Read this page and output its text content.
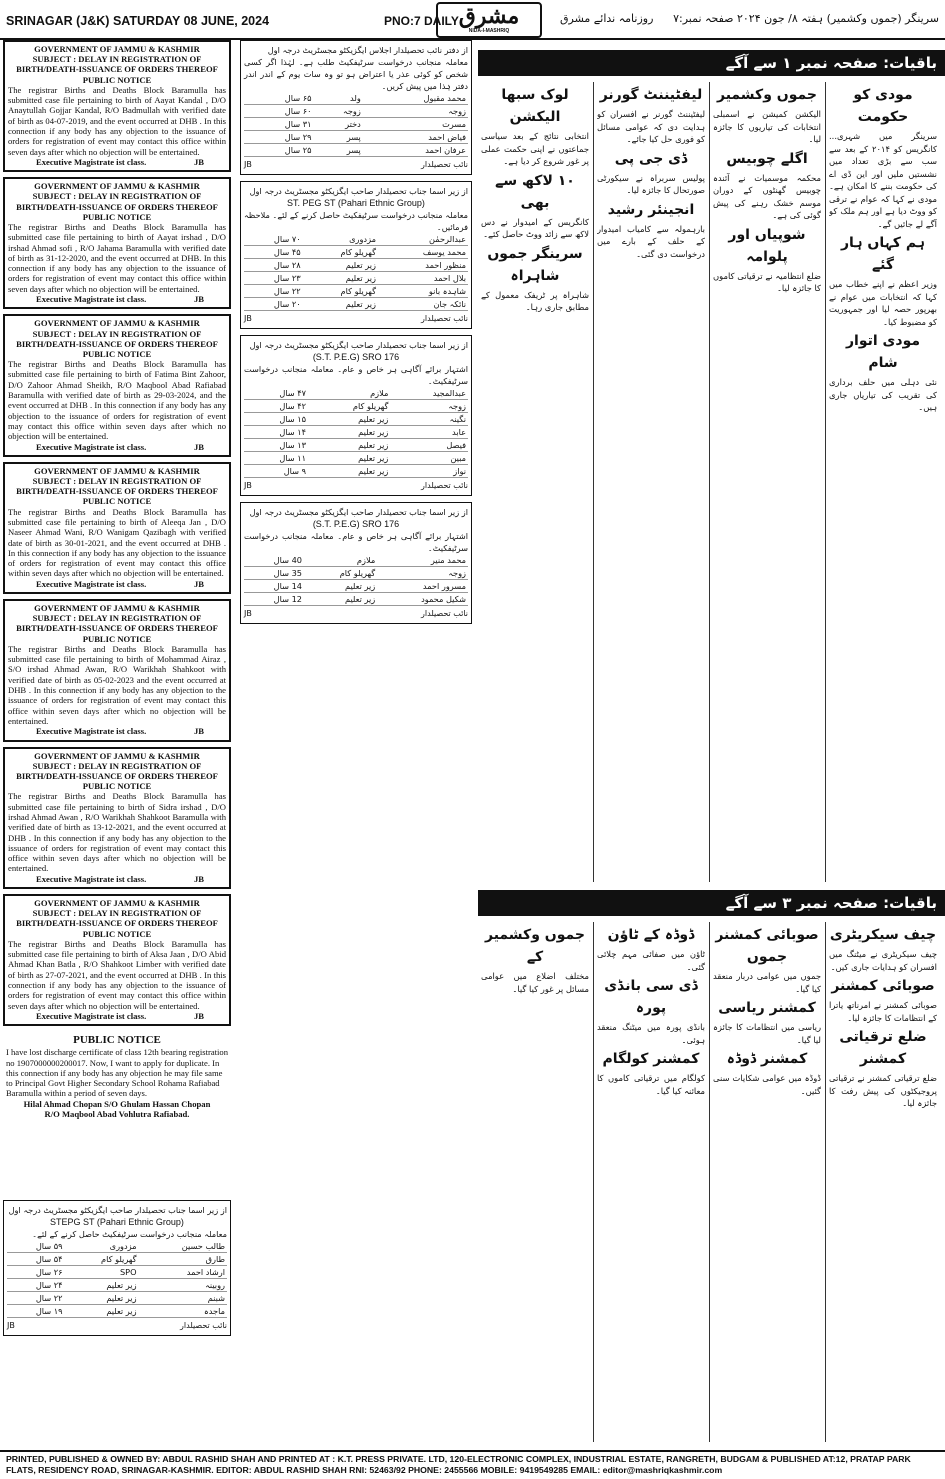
SRINAGAR (J&K) SATURDAY 08 JUNE, 2024	PNO:7 DAILY مشرق
NIDA-I-MASHRIQ
روزنامہ ندائے مشرق سرینگر (جموں وکشمیر) ہفتہ ۸/ جون ۲۰۲۴ صفحہ نمبر:۷
GOVERNMENT OF JAMMU & KASHMIR
SUBJECT : DELAY IN REGISTRATION OF
BIRTH/DEATH-ISSUANCE OF ORDERS THEREOF
PUBLIC NOTICE
The registrar Births and Deaths Block Baramulla has submitted case file pertaining to birth of Aayat Kandal , D/O Anaytullah Gojjar Kandal, R/O Badmullah with verified date of birth as 04-07-2019, and the event occurred at DHB . In this connection if any body has any objection to the issuance of orders for registration of event may contact this office within seven days after which no objection will be entertained.
Executive Magistrate ist class.	JB
GOVERNMENT OF JAMMU & KASHMIR
SUBJECT : DELAY IN REGISTRATION OF
BIRTH/DEATH-ISSUANCE OF ORDERS THEREOF
PUBLIC NOTICE
The registrar Births and Deaths Block Baramulla has submitted case file pertaining to birth of Aayat irshad , D/O irshad Ahmad sofi , R/O Jahama Baramulla with verified date of birth as 31-12-2020, and the event occurred at DHB. In this connection if any body has any objection to the issuance of orders for registration of event may contact this office within seven days after which no objection will be entertained.
Executive Magistrate ist class.	JB
GOVERNMENT OF JAMMU & KASHMIR
SUBJECT : DELAY IN REGISTRATION OF
BIRTH/DEATH-ISSUANCE OF ORDERS THEREOF
PUBLIC NOTICE
The registrar Births and Deaths Block Baramulla has submitted case file pertaining to birth of Fatima Bint Zahoor, D/O Zahoor Ahmad Sheikh, R/O Maqbool Abad Rafiabad Baramulla with verified date of birth as 29-03-2024, and the event occurred at DHB . In this connection if any body has any objection to the issuance of orders for registration of event may contact this office within seven days after which no objection will be entertained.
Executive Magistrate ist class.	JB
GOVERNMENT OF JAMMU & KASHMIR
SUBJECT : DELAY IN REGISTRATION OF
BIRTH/DEATH-ISSUANCE OF ORDERS THEREOF
PUBLIC NOTICE
The registrar Births and Deaths Block Baramulla has submitted case file pertaining to birth of Aleeqa Jan , D/O Naseer Ahmad Wani, R/O Wanigam Qazibagh with verified date of birth as 30-01-2021, and the event occurred at DHB . In this connection if any body has any objection to the issuance of orders for registration of event may contact this office within seven days after which no objection will be entertained.
Executive Magistrate ist class.	JB
GOVERNMENT OF JAMMU & KASHMIR
SUBJECT : DELAY IN REGISTRATION OF
BIRTH/DEATH-ISSUANCE OF ORDERS THEREOF
PUBLIC NOTICE
The registrar Births and Deaths Block Baramulla has submitted case file pertaining to birth of Mohammad Airaz , S/O irshad Ahmad Awan, R/O Warikhah Shahkoot with verified date of birth as 05-02-2023 and the event occurred at DHB . In this connection if any body has any objection to the issuance of orders for registration of event may contact this office within seven days after which no objection will be entertained.
Executive Magistrate ist class.	JB
GOVERNMENT OF JAMMU & KASHMIR
SUBJECT : DELAY IN REGISTRATION OF
BIRTH/DEATH-ISSUANCE OF ORDERS THEREOF
PUBLIC NOTICE
The registrar Births and Deaths Block Baramulla has submitted case file pertaining to birth of Sidra irshad , D/O irshad Ahmad Awan , R/O Warikhah Shahkoot Baramulla with verified date of birth as 13-12-2021, and the event occurred at DHB . In this connection if any body has any objection to the issuance of orders for registration of event may contact this office within seven days after which no objection will be entertained.
Executive Magistrate ist class.	JB
GOVERNMENT OF JAMMU & KASHMIR
SUBJECT : DELAY IN REGISTRATION OF
BIRTH/DEATH-ISSUANCE OF ORDERS THEREOF
PUBLIC NOTICE
The registrar Births and Deaths Block Baramulla has submitted case file pertaining to birth of Aksa Jaan , D/O Abid Ahmad Khan Batla , R/O Shahkoot Limber with verified date of birth as 27-07-2021, and the event occurred at DHB . In this connection if any body has any objection to the issuance of orders for registration of event may contact this office within seven days after which no objection will be entertained.
Executive Magistrate ist class.	JB
PUBLIC NOTICE
I have lost discharge certificate of class 12th bearing registration no 1907000000200017. Now, I want to apply for duplicate. In this connection if any body has any objection he may file same to Principal Govt Higher Secondary School Rohama Rafiabad Baramulla within a period of seven days.
Hilal Ahmad Chopan S/O Ghulam Hassan Chopan
R/O Maqbool Abad Vohlutra Rafiabad.
از دفتر نائب تحصیلدار اجلاس ایگزیکٹو مجسٹریٹ درجہ اول
معاملہ منجانب درخواست سرٹیفکیٹ طلب ہے۔ لہٰذا اگر کسی شخص کو کوئی عذر یا اعتراض ہو تو وہ سات یوم کے اندر اندر دفتر ہٰذا میں پیش کریں۔
محمد مقبول	ولد	۶۵ سال
زوجہ	زوجہ	۶۰ سال
مسرت	دختر	۳۱ سال
فیاض احمد	پسر	۲۹ سال
عرفان احمد	پسر	۲۵ سال
JB	نائب تحصیلدار
از زیر اسما جناب تحصیلدار صاحب ایگزیکٹو مجسٹریٹ درجہ اول
ST. PEG ST (Pahari Ethnic Group)
معاملہ منجانب درخواست سرٹیفکیٹ حاصل کرنے کے لئے۔ ملاحظہ فرمائیں۔
عبدالرحمٰن	مزدوری	۷۰ سال
محمد یوسف	گھریلو کام	۴۵ سال
منظور احمد	زیر تعلیم	۲۸ سال
بلال احمد	زیر تعلیم	۲۳ سال
شاہدہ بانو	گھریلو کام	۲۲ سال
نائکہ جان	زیر تعلیم	۲۰ سال
JB	نائب تحصیلدار
از زیر اسما جناب تحصیلدار صاحب ایگزیکٹو مجسٹریٹ درجہ اول
(S.T. P.E.G) SRO 176
اشتہار برائے آگاہی ہر خاص و عام۔ معاملہ منجانب درخواست سرٹیفکیٹ۔
عبدالمجید	ملازم	۴۷ سال
زوجہ	گھریلو کام	۴۲ سال
نگینہ	زیر تعلیم	۱۵ سال
عابد	زیر تعلیم	۱۴ سال
فیصل	زیر تعلیم	۱۳ سال
مبین	زیر تعلیم	۱۱ سال
نواز	زیر تعلیم	۹ سال
JB	نائب تحصیلدار
از زیر اسما جناب تحصیلدار صاحب ایگزیکٹو مجسٹریٹ درجہ اول
(S.T. P.E.G) SRO 176
اشتہار برائے آگاہی ہر خاص و عام۔ معاملہ منجانب درخواست سرٹیفکیٹ۔
محمد منیر	ملازم	40 سال
زوجہ	گھریلو کام	35 سال
مسرور احمد	زیر تعلیم	14 سال
شکیل محمود	زیر تعلیم	12 سال
JB	نائب تحصیلدار
باقیات: صفحہ نمبر ۱ سے آگے
مودی کو حکومت
سرینگر میں شہری... کانگریس کو ۲۰۱۴ کے بعد سے سب سے بڑی تعداد میں نشستیں ملیں اور این ڈی اے کی حکومت بننے کا امکان ہے۔ مودی نے کہا کہ عوام نے ترقی کو ووٹ دیا ہے اور ہم ملک کو آگے لے جائیں گے۔
ہم کہاں ہار گئے
وزیر اعظم نے اپنے خطاب میں کہا کہ انتخابات میں عوام نے بھرپور حصہ لیا اور جمہوریت کو مضبوط کیا۔
مودی اتوار شام
نئی دہلی میں حلف برداری کی تقریب کی تیاریاں جاری ہیں۔
جموں وکشمیر
الیکشن کمیشن نے اسمبلی انتخابات کی تیاریوں کا جائزہ لیا۔
اگلے چوبیس
محکمہ موسمیات نے آئندہ چوبیس گھنٹوں کے دوران موسم خشک رہنے کی پیش گوئی کی ہے۔
شوپیاں اور پلوامہ
ضلع انتظامیہ نے ترقیاتی کاموں کا جائزہ لیا۔
لیفٹیننٹ گورنر
لیفٹیننٹ گورنر نے افسران کو ہدایت دی کہ عوامی مسائل کو فوری حل کیا جائے۔
ڈی جی پی
پولیس سربراہ نے سیکورٹی صورتحال کا جائزہ لیا۔
انجینئر رشید
بارہمولہ سے کامیاب امیدوار کے حلف کے بارے میں درخواست دی گئی۔
لوک سبھا الیکشن
انتخابی نتائج کے بعد سیاسی جماعتوں نے اپنی حکمت عملی پر غور شروع کر دیا ہے۔
۱۰ لاکھ سے بھی
کانگریس کے امیدوار نے دس لاکھ سے زائد ووٹ حاصل کئے۔
سرینگر جموں شاہراہ
شاہراہ پر ٹریفک معمول کے مطابق جاری رہا۔
باقیات: صفحہ نمبر ۳ سے آگے
چیف سیکریٹری
چیف سیکریٹری نے میٹنگ میں افسران کو ہدایات جاری کیں۔
صوبائی کمشنر
صوبائی کمشنر نے امرناتھ یاترا کے انتظامات کا جائزہ لیا۔
ضلع ترقیاتی کمشنر
ضلع ترقیاتی کمشنر نے ترقیاتی پروجیکٹوں کی پیش رفت کا جائزہ لیا۔
صوبائی کمشنر جموں
جموں میں عوامی دربار منعقد کیا گیا۔
کمشنر ریاسی
ریاسی میں انتظامات کا جائزہ لیا گیا۔
کمشنر ڈوڈہ
ڈوڈہ میں عوامی شکایات سنی گئیں۔
ڈوڈہ کے ٹاؤن
ٹاؤن میں صفائی مہم چلائی گئی۔
ڈی سی بانڈی پورہ
بانڈی پورہ میں میٹنگ منعقد ہوئی۔
کمشنر کولگام
کولگام میں ترقیاتی کاموں کا معائنہ کیا گیا۔
جموں وکشمیر کے
مختلف اضلاع میں عوامی مسائل پر غور کیا گیا۔
PRINTED, PUBLISHED & OWNED BY: ABDUL RASHID SHAH AND PRINTED AT : K.T. PRESS PRIVATE. LTD, 120-ELECTRONIC COMPLEX, INDUSTRIAL ESTATE, RANGRETH, BUDGAM & PUBLISHED AT:12, PRATAP PARK
FLATS, RESIDENCY ROAD, SRINAGAR-KASHMIR. EDITOR: ABDUL RASHID SHAH RNI: 52463/92 PHONE: 2455566 MOBILE: 9419549285 EMAIL: editor@mashriqkashmir.com
از زیر اسما جناب تحصیلدار صاحب ایگزیکٹو مجسٹریٹ درجہ اول
STEPG ST (Pahari Ethnic Group)
معاملہ منجانب درخواست سرٹیفکیٹ حاصل کرنے کے لئے۔
طالب حسین	مزدوری	۵۹ سال
طارق	گھریلو کام	۵۴ سال
ارشاد احمد	SPO	۲۶ سال
روبینہ	زیر تعلیم	۲۴ سال
شبنم	زیر تعلیم	۲۲ سال
ماجدہ	زیر تعلیم	۱۹ سال
JB	نائب تحصیلدار
